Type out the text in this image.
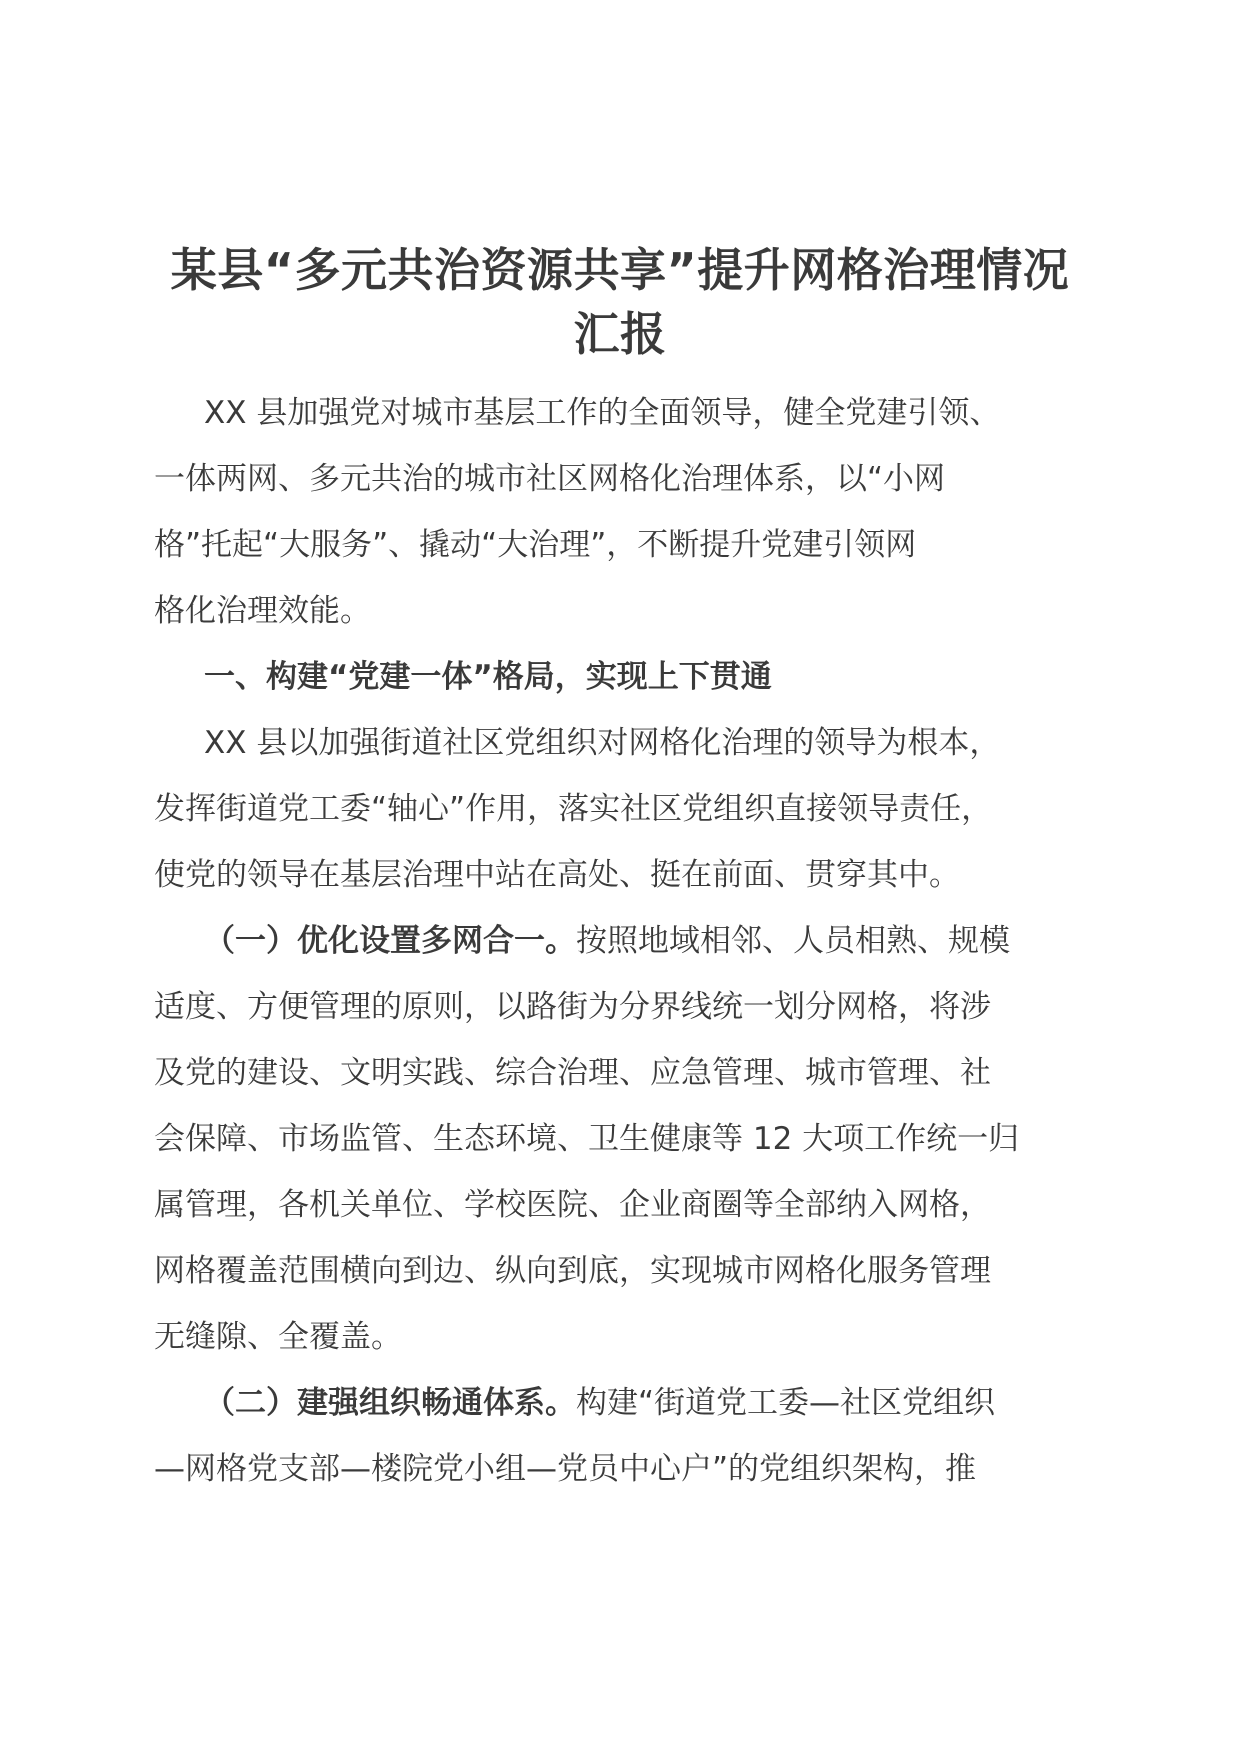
某县“多元共治资源共享”提升网格治理情况
汇报

XX 县加强党对城市基层工作的全面领导，健全党建引领、
一体两网、多元共治的城市社区网格化治理体系，以“小网
格”托起“大服务”、撬动“大治理”，不断提升党建引领网
格化治理效能。

一、构建“党建一体”格局，实现上下贯通

XX 县以加强街道社区党组织对网格化治理的领导为根本，
发挥街道党工委“轴心”作用，落实社区党组织直接领导责任，
使党的领导在基层治理中站在高处、挺在前面、贯穿其中。

（一）优化设置多网合一。按照地域相邻、人员相熟、规模
适度、方便管理的原则，以路街为分界线统一划分网格，将涉
及党的建设、文明实践、综合治理、应急管理、城市管理、社
会保障、市场监管、生态环境、卫生健康等 12 大项工作统一归
属管理，各机关单位、学校医院、企业商圈等全部纳入网格，
网格覆盖范围横向到边、纵向到底，实现城市网格化服务管理
无缝隙、全覆盖。

（二）建强组织畅通体系。构建“街道党工委—社区党组织
—网格党支部—楼院党小组—党员中心户”的党组织架构，推
